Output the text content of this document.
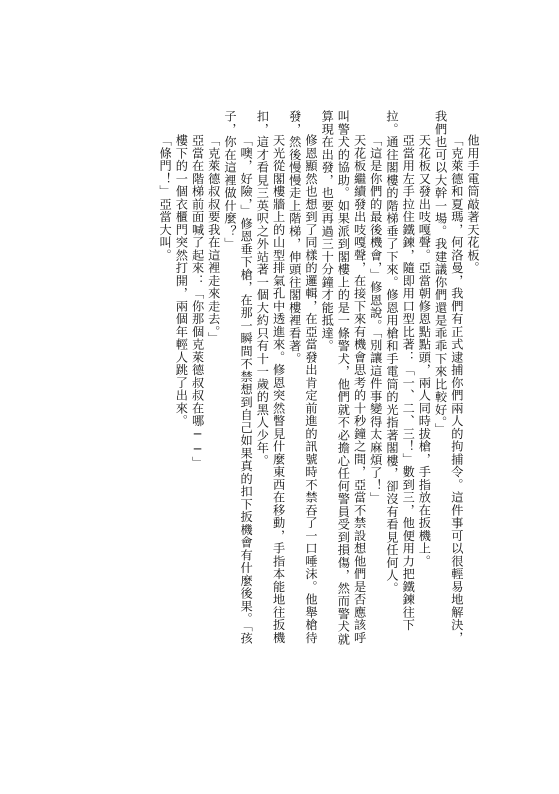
他用手電筒敲著天花板。

「克萊德和夏瑪，何洛曼，我們有正式逮捕你們兩人的拘捕令。這件事可以很輕易地解決，我們也可以大幹一場。我建議你們還是乖乖下來比較好。」

天花板又發出吱嘎聲。亞當朝修恩點點頭，兩人同時拔槍，手指放在扳機上。

亞當用左手拉住鐵鍊，隨即用口型比著：「一、二、三！」數到三，他便用力把鐵鍊往下拉。通往閣樓的階梯垂了下來。修恩用槍和手電筒的光指著閣樓，卻沒有看見任何人。

「這是你們的最後機會，」修恩說。「別讓這件事變得太麻煩了！」

天花板繼續發出吱嘎聲，在接下來有機會思考的十秒鐘之間，亞當不禁設想他們是否應該呼叫警犬的協助。如果派到閣樓上的是一條警犬，他們就不必擔心任何警員受到損傷，然而警犬就算現在出發，也要再過三十分鐘才能抵達。

修恩顯然也想到了同樣的邏輯，在亞當發出肯定前進的訊號時不禁吞了一口唾沫。他舉槍待發，然後慢慢走上階梯，伸頭往閣樓裡看著。

天光從閣樓牆上的山型排氣孔中透進來。修恩突然瞥見什麼東西在移動，手指本能地往扳機扣，這才看見三英呎之外站著一個大約只有十一歲的黑人少年。

「噢，好險，」修恩垂下槍，在那一瞬間不禁想到自己如果真的扣下扳機會有什麼後果。「孩子，你在這裡做什麼？」

「克萊德叔叔要我在這裡走來走去。」

亞當在階梯前面喊了起來：「你那個克萊德叔叔在哪──」

樓下的一個衣櫃門突然打開，兩個年輕人跳了出來。

「條門！」亞當大叫。
